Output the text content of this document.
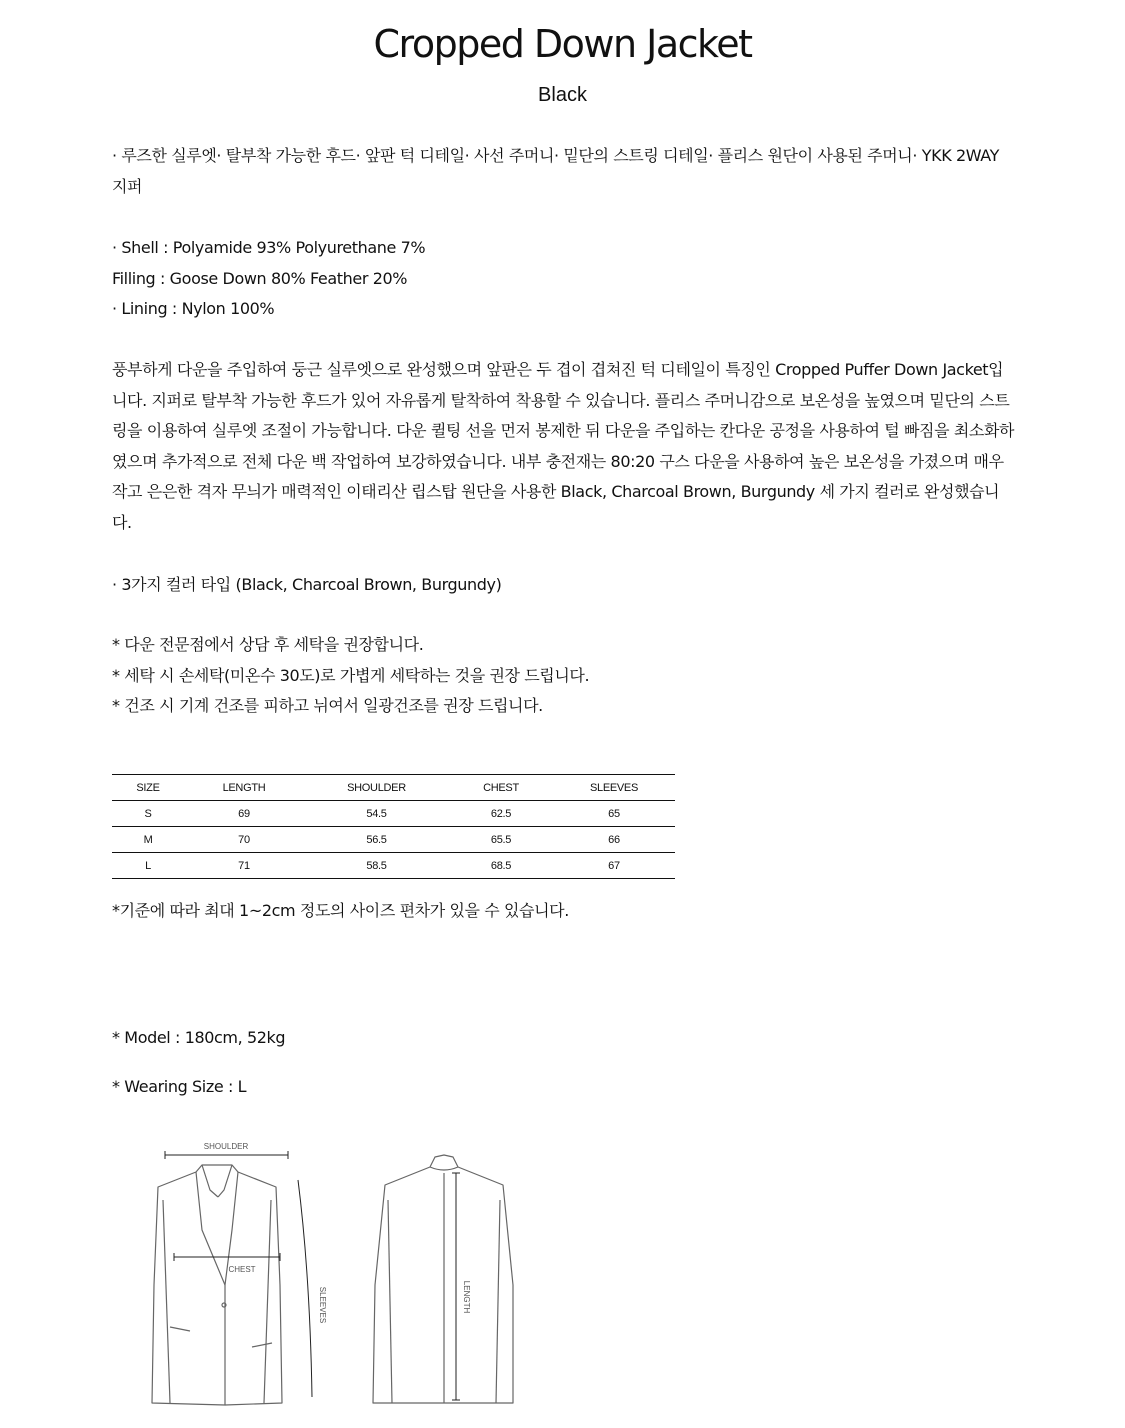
Cropped Down Jacket
Black
· 루즈한 실루엣· 탈부착 가능한 후드· 앞판 턱 디테일· 사선 주머니· 밑단의 스트링 디테일· 플리스 원단이 사용된 주머니· YKK 2WAY
지퍼
· Shell : Polyamide 93% Polyurethane 7%
Filling : Goose Down 80% Feather 20%
· Lining : Nylon 100%
풍부하게 다운을 주입하여 둥근 실루엣으로 완성했으며 앞판은 두 겹이 겹쳐진 턱 디테일이 특징인 Cropped Puffer Down Jacket입
니다. 지퍼로 탈부착 가능한 후드가 있어 자유롭게 탈착하여 착용할 수 있습니다. 플리스 주머니감으로 보온성을 높였으며 밑단의 스트
링을 이용하여 실루엣 조절이 가능합니다. 다운 퀼팅 선을 먼저 봉제한 뒤 다운을 주입하는 칸다운 공정을 사용하여 털 빠짐을 최소화하
였으며 추가적으로 전체 다운 백 작업하여 보강하였습니다. 내부 충전재는 80:20 구스 다운을 사용하여 높은 보온성을 가졌으며 매우
작고 은은한 격자 무늬가 매력적인 이태리산 립스탑 원단을 사용한 Black, Charcoal Brown, Burgundy 세 가지 컬러로 완성했습니
다.
· 3가지 컬러 타입 (Black, Charcoal Brown, Burgundy)
* 다운 전문점에서 상담 후 세탁을 권장합니다.
* 세탁 시 손세탁(미온수 30도)로 가볍게 세탁하는 것을 권장 드립니다.
* 건조 시 기계 건조를 피하고 뉘여서 일광건조를 권장 드립니다.
SIZE	LENGTH	SHOULDER	CHEST	SLEEVES
S	69	54.5	62.5	65
M	70	56.5	65.5	66
L	71	58.5	68.5	67
*기준에 따라 최대 1~2cm 정도의 사이즈 편차가 있을 수 있습니다.
* Model : 180cm, 52kg
* Wearing Size : L
SHOULDER
CHEST
SLEEVES	LENGTH
